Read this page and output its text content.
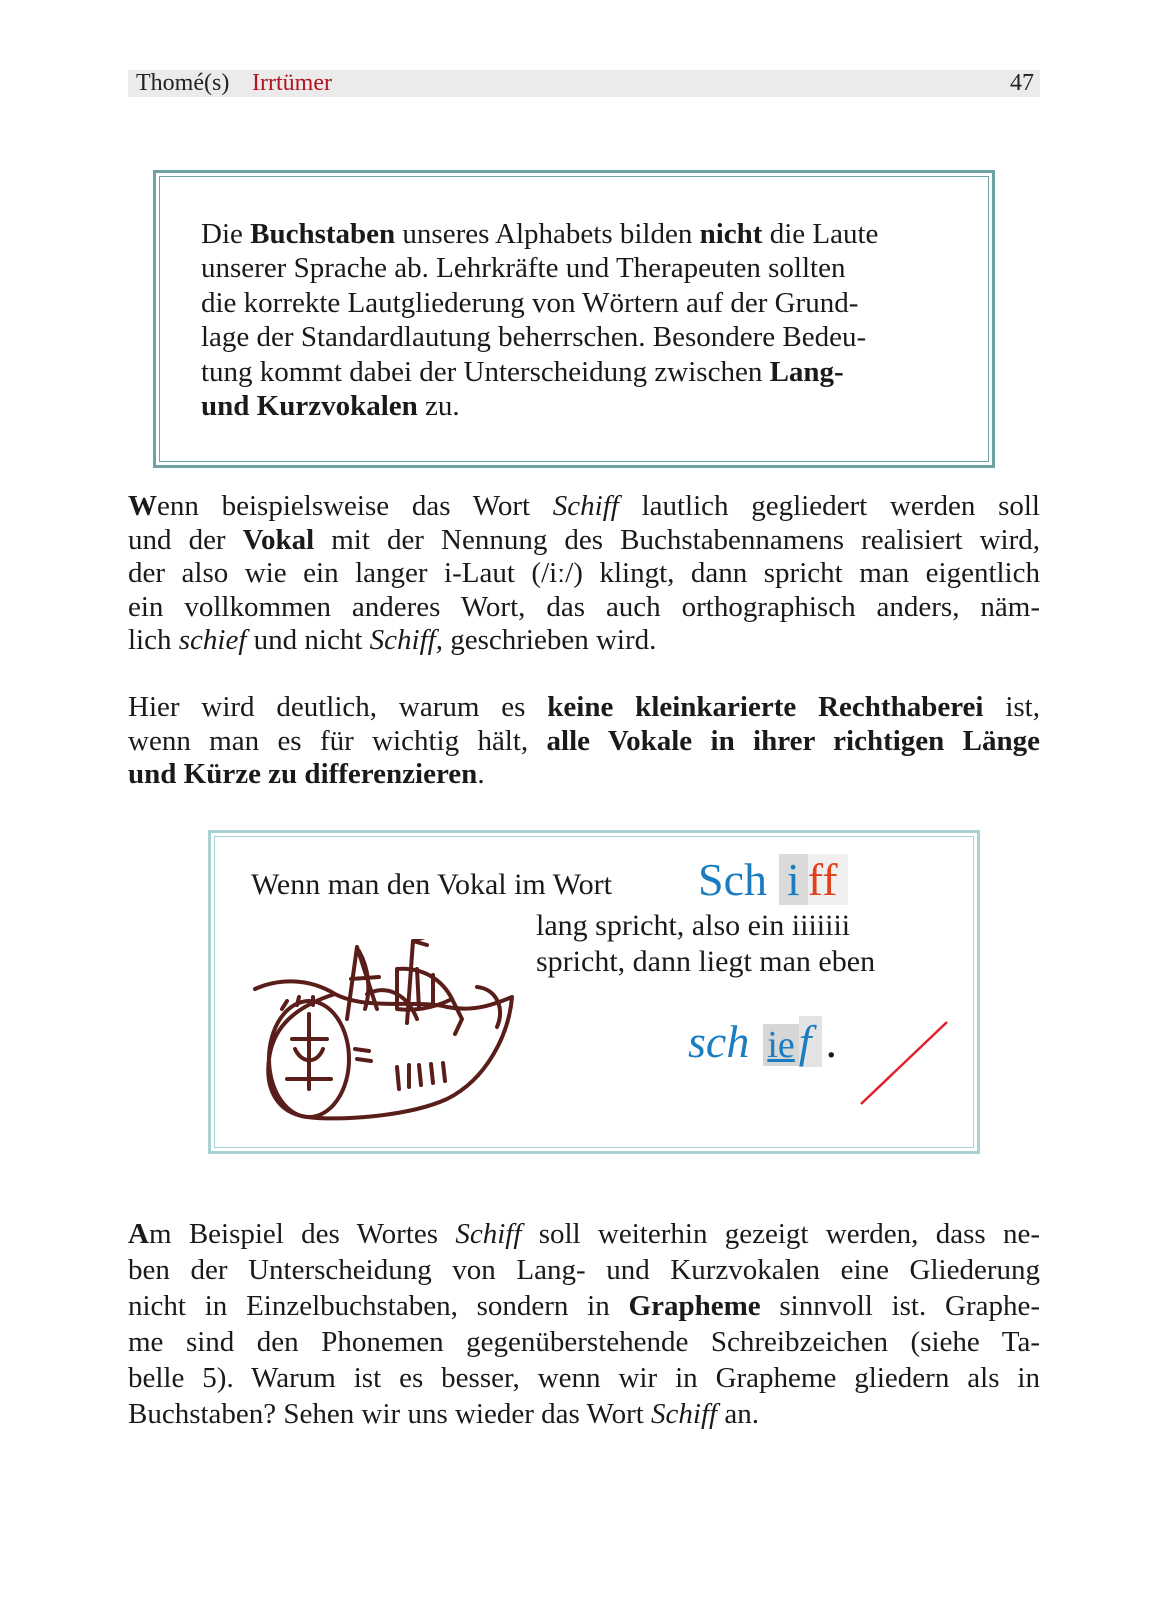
Thomé(s) Irrtümer	47
Die Buchstaben unseres Alphabets bilden nicht die Laute
unserer Sprache ab. Lehrkräfte und Therapeuten sollten
die korrekte Lautgliederung von Wörtern auf der Grund-
lage der Standardlautung beherrschen. Besondere Bedeu-
tung kommt dabei der Unterscheidung zwischen Lang-
und Kurzvokalen zu.
Wenn beispielsweise das Wort Schiff lautlich gegliedert werden soll
und der Vokal mit der Nennung des Buchstabennamens realisiert wird,
der also wie ein langer i-Laut (/iː/) klingt, dann spricht man eigentlich
ein vollkommen anderes Wort, das auch orthographisch anders, näm-
lich schief und nicht Schiff, geschrieben wird.
Hier wird deutlich, warum es keine kleinkarierte Rechthaberei ist,
wenn man es für wichtig hält, alle Vokale in ihrer richtigen Länge
und Kürze zu differenzieren.
Wenn man den Vokal im Wort Sch i ff
lang spricht, also ein iiiiiii
spricht, dann liegt man eben
sch ief .
Am Beispiel des Wortes Schiff soll weiterhin gezeigt werden, dass ne-
ben der Unterscheidung von Lang- und Kurzvokalen eine Gliederung
nicht in Einzelbuchstaben, sondern in Grapheme sinnvoll ist. Graphe-
me sind den Phonemen gegenüberstehende Schreibzeichen (siehe Ta-
belle 5). Warum ist es besser, wenn wir in Grapheme gliedern als in
Buchstaben? Sehen wir uns wieder das Wort Schiff an.
